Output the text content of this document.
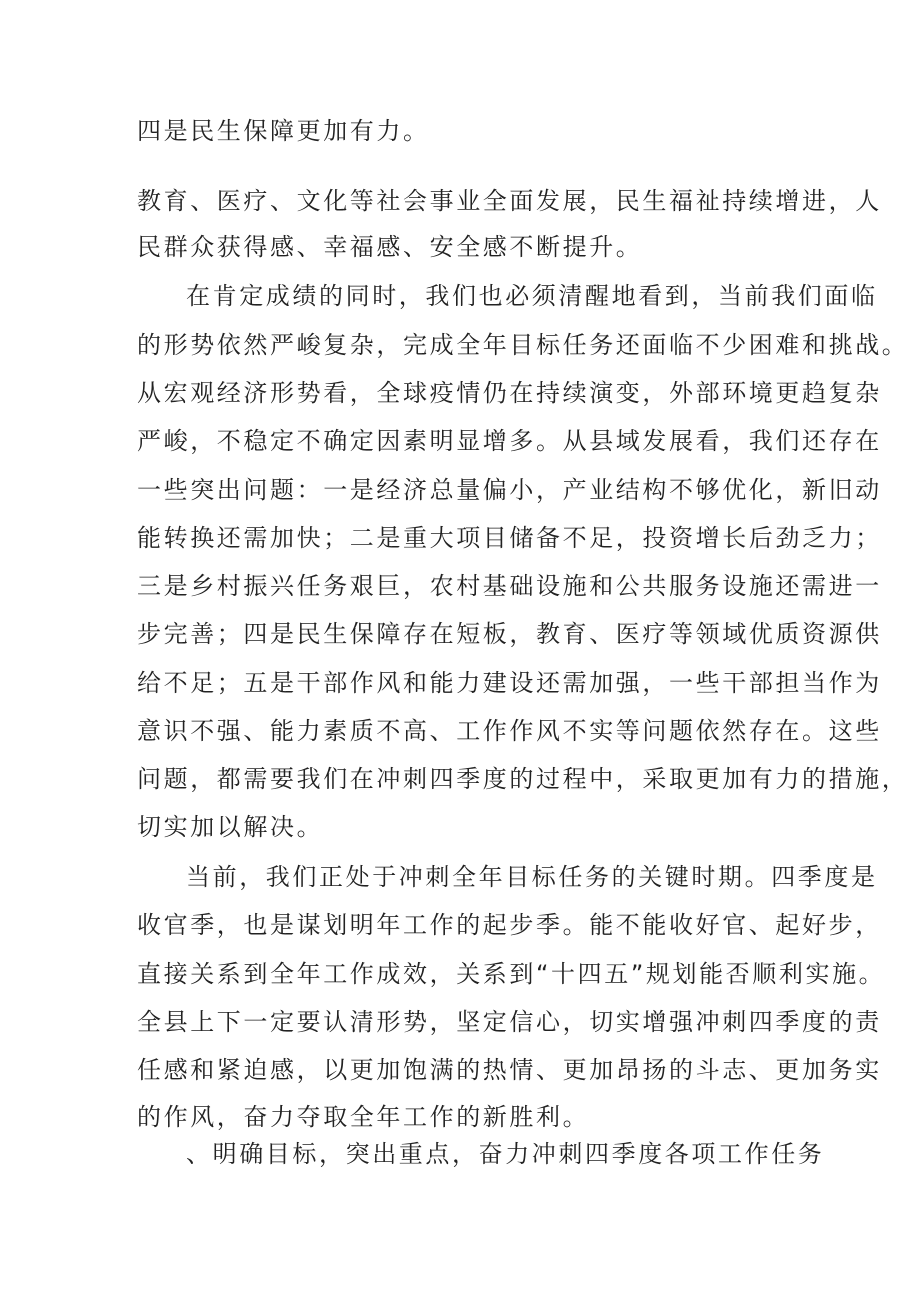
四是民生保障更加有力。

教育、医疗、文化等社会事业全面发展，民生福祉持续增进，人

民群众获得感、幸福感、安全感不断提升。

在肯定成绩的同时，我们也必须清醒地看到，当前我们面临

的形势依然严峻复杂，完成全年目标任务还面临不少困难和挑战。

从宏观经济形势看，全球疫情仍在持续演变，外部环境更趋复杂

严峻，不稳定不确定因素明显增多。从县域发展看，我们还存在

一些突出问题：一是经济总量偏小，产业结构不够优化，新旧动

能转换还需加快；二是重大项目储备不足，投资增长后劲乏力；

三是乡村振兴任务艰巨，农村基础设施和公共服务设施还需进一

步完善；四是民生保障存在短板，教育、医疗等领域优质资源供

给不足；五是干部作风和能力建设还需加强，一些干部担当作为

意识不强、能力素质不高、工作作风不实等问题依然存在。这些

问题，都需要我们在冲刺四季度的过程中，采取更加有力的措施，

切实加以解决。

当前，我们正处于冲刺全年目标任务的关键时期。四季度是

收官季，也是谋划明年工作的起步季。能不能收好官、起好步，

直接关系到全年工作成效，关系到“十四五”规划能否顺利实施。

全县上下一定要认清形势，坚定信心，切实增强冲刺四季度的责

任感和紧迫感，以更加饱满的热情、更加昂扬的斗志、更加务实

的作风，奋力夺取全年工作的新胜利。

、明确目标，突出重点，奋力冲刺四季度各项工作任务
